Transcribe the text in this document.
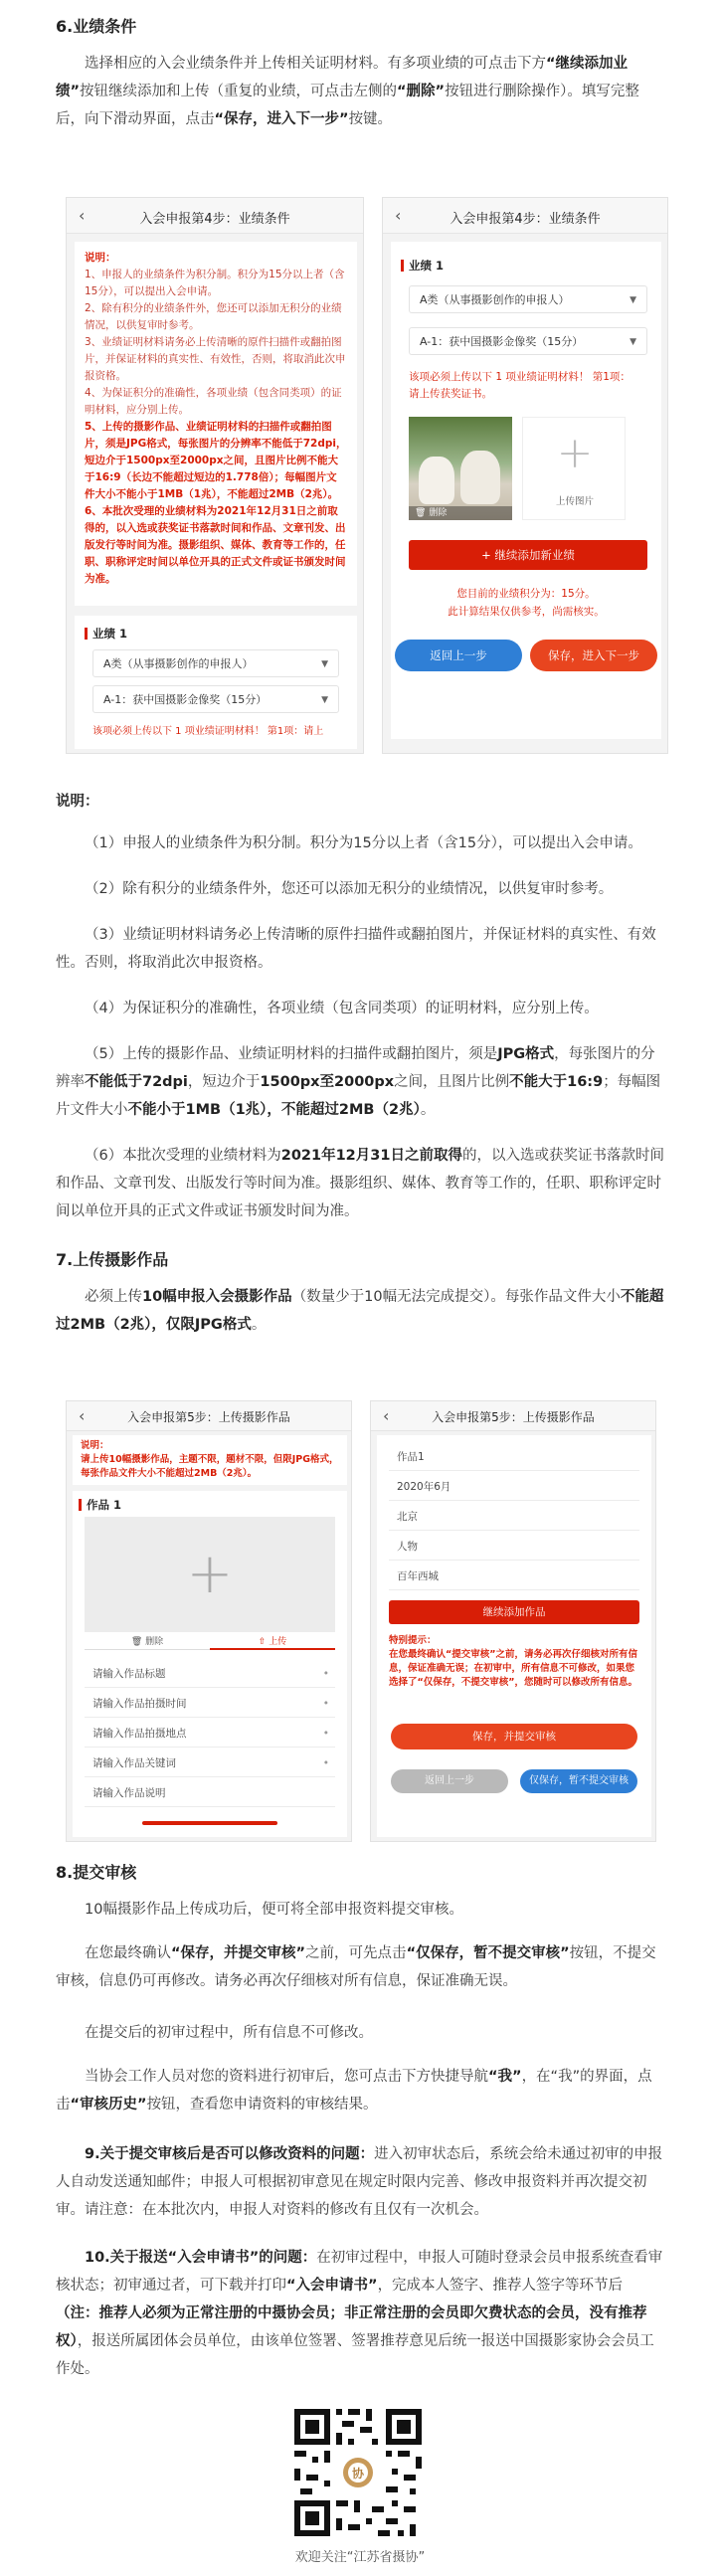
6.业绩条件
选择相应的入会业绩条件并上传相关证明材料。有多项业绩的可点击下方“继续添加业绩”按钮继续添加和上传（重复的业绩，可点击左侧的“删除”按钮进行删除操作）。填写完整后，向下滑动界面，点击“保存，进入下一步”按键。
‹	入会申报第4步：业绩条件
说明：
1、申报人的业绩条件为积分制。积分为15分以上者（含15分），可以提出入会申请。
2、除有积分的业绩条件外，您还可以添加无积分的业绩情况，以供复审时参考。
3、业绩证明材料请务必上传清晰的原件扫描件或翻拍图片，并保证材料的真实性、有效性，否则，将取消此次申报资格。
4、为保证积分的准确性，各项业绩（包含同类项）的证明材料，应分别上传。
5、上传的摄影作品、业绩证明材料的扫描件或翻拍图片，须是JPG格式，每张图片的分辨率不能低于72dpi，短边介于1500px至2000px之间，且图片比例不能大于16:9（长边不能超过短边的1.778倍）；每幅图片文件大小不能小于1MB（1兆），不能超过2MB（2兆）。
6、本批次受理的业绩材料为2021年12月31日之前取得的，以入选或获奖证书落款时间和作品、文章刊发、出版发行等时间为准。摄影组织、媒体、教育等工作的，任职、职称评定时间以单位开具的正式文件或证书颁发时间为准。
业绩 1
A类（从事摄影创作的申报人）	▼
A-1：获中国摄影金像奖（15分）	▼
该项必须上传以下 1 项业绩证明材料！ 第1项：请上
‹	入会申报第4步：业绩条件
业绩 1
A类（从事摄影创作的申报人）	▼
A-1：获中国摄影金像奖（15分）	▼
该项必须上传以下 1 项业绩证明材料！ 第1项：请上传获奖证书。
🗑 删除
+
上传图片
+ 继续添加新业绩
您目前的业绩积分为：15分。
此计算结果仅供参考，尚需核实。
返回上一步	保存，进入下一步
说明：
（1）申报人的业绩条件为积分制。积分为15分以上者（含15分），可以提出入会申请。
（2）除有积分的业绩条件外，您还可以添加无积分的业绩情况，以供复审时参考。
（3）业绩证明材料请务必上传清晰的原件扫描件或翻拍图片，并保证材料的真实性、有效性。否则，将取消此次申报资格。
（4）为保证积分的准确性，各项业绩（包含同类项）的证明材料，应分别上传。
（5）上传的摄影作品、业绩证明材料的扫描件或翻拍图片，须是JPG格式，每张图片的分辨率不能低于72dpi，短边介于1500px至2000px之间，且图片比例不能大于16:9；每幅图片文件大小不能小于1MB（1兆），不能超过2MB（2兆）。
（6）本批次受理的业绩材料为2021年12月31日之前取得的，以入选或获奖证书落款时间和作品、文章刊发、出版发行等时间为准。摄影组织、媒体、教育等工作的，任职、职称评定时间以单位开具的正式文件或证书颁发时间为准。
7.上传摄影作品
必须上传10幅申报入会摄影作品（数量少于10幅无法完成提交）。每张作品文件大小不能超过2MB（2兆），仅限JPG格式。
‹	入会申报第5步：上传摄影作品
说明：
请上传10幅摄影作品，主题不限，题材不限，但限JPG格式，每张作品文件大小不能超过2MB（2兆）。
作品 1
+
🗑 删除	⇧ 上传
请输入作品标题	•
请输入作品拍摄时间	•
请输入作品拍摄地点	•
请输入作品关键词	•
请输入作品说明
‹	入会申报第5步：上传摄影作品
作品1
2020年6月
北京
人物
百年西城
继续添加作品
特别提示：
在您最终确认“提交审核”之前，请务必再次仔细核对所有信息，保证准确无误；在初审中，所有信息不可修改，如果您选择了“仅保存，不提交审核”，您随时可以修改所有信息。
保存，并提交审核
返回上一步	仅保存，暂不提交审核
8.提交审核
10幅摄影作品上传成功后，便可将全部申报资料提交审核。
在您最终确认“保存，并提交审核”之前，可先点击“仅保存，暂不提交审核”按钮，不提交审核，信息仍可再修改。请务必再次仔细核对所有信息，保证准确无误。
在提交后的初审过程中，所有信息不可修改。
当协会工作人员对您的资料进行初审后，您可点击下方快捷导航“我”，在“我”的界面，点击“审核历史”按钮，查看您申请资料的审核结果。
9.关于提交审核后是否可以修改资料的问题：进入初审状态后，系统会给未通过初审的申报人自动发送通知邮件；申报人可根据初审意见在规定时限内完善、修改申报资料并再次提交初审。请注意：在本批次内，申报人对资料的修改有且仅有一次机会。
10.关于报送“入会申请书”的问题：在初审过程中，申报人可随时登录会员申报系统查看审核状态；初审通过者，可下载并打印“入会申请书”，完成本人签字、推荐人签字等环节后（注：推荐人必须为正常注册的中摄协会员；非正常注册的会员即欠费状态的会员，没有推荐权），报送所属团体会员单位，由该单位签署、签署推荐意见后统一报送中国摄影家协会会员工作处。
协
欢迎关注“江苏省摄协”
